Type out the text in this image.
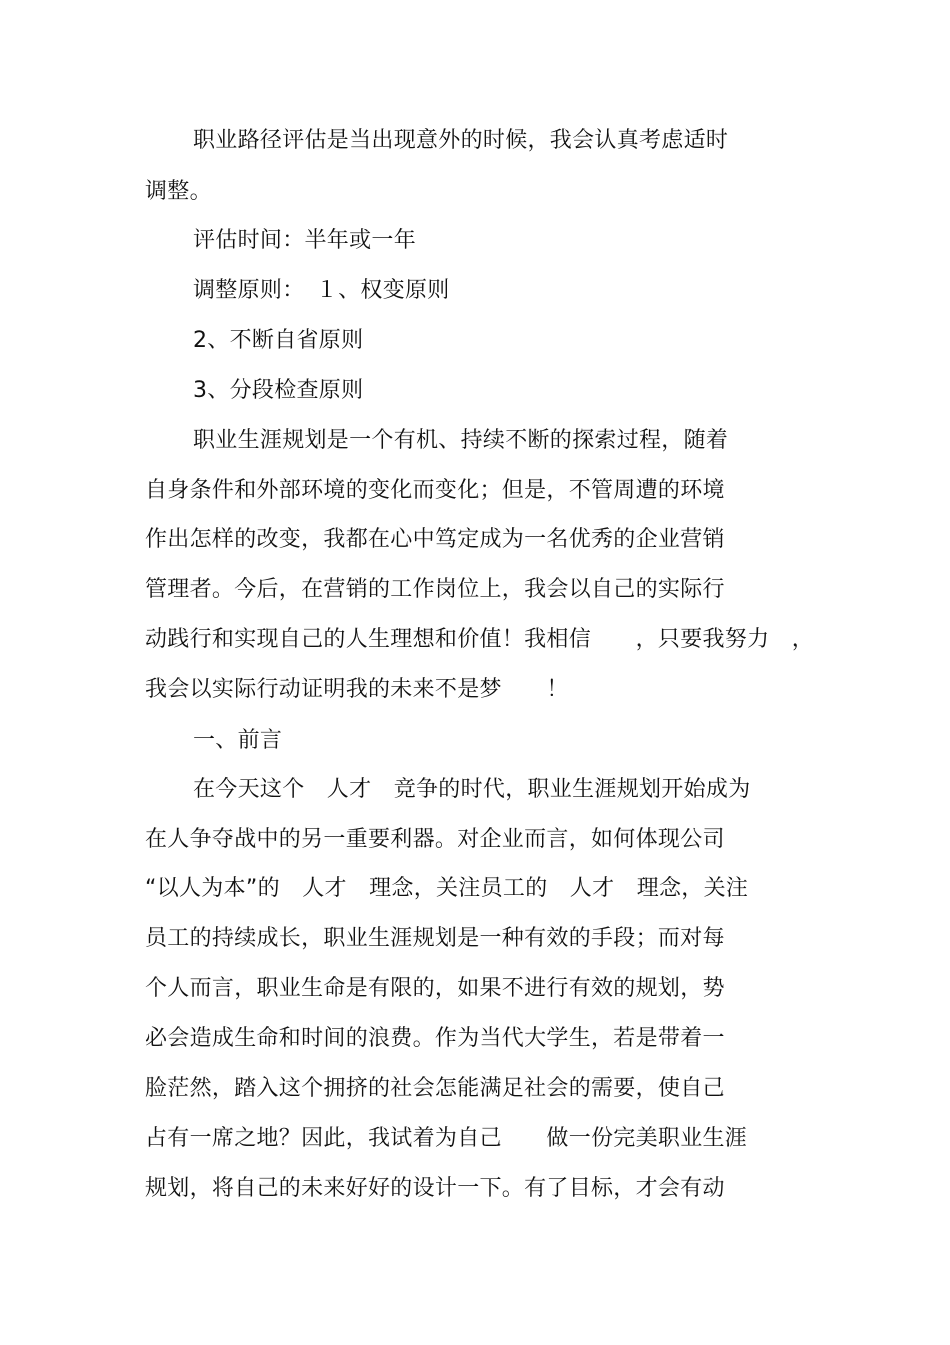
职业路径评估是当出现意外的时候，我会认真考虑适时
调整。
评估时间：半年或一年
调整原则：　１、权变原则
2、不断自省原则
3、分段检查原则
职业生涯规划是一个有机、持续不断的探索过程，随着
自身条件和外部环境的变化而变化；但是，不管周遭的环境
作出怎样的改变，我都在心中笃定成为一名优秀的企业营销
管理者。今后，在营销的工作岗位上，我会以自己的实际行
动践行和实现自己的人生理想和价值！我相信　　，只要我努力　，
我会以实际行动证明我的未来不是梦　　！
一、前言
在今天这个　人才　竞争的时代，职业生涯规划开始成为
在人争夺战中的另一重要利器。对企业而言，如何体现公司
“以人为本”的　人才　理念，关注员工的　人才　理念，关注
员工的持续成长，职业生涯规划是一种有效的手段；而对每
个人而言，职业生命是有限的，如果不进行有效的规划，势
必会造成生命和时间的浪费。作为当代大学生，若是带着一
脸茫然，踏入这个拥挤的社会怎能满足社会的需要，使自己
占有一席之地？因此，我试着为自己　　做一份完美职业生涯
规划，将自己的未来好好的设计一下。有了目标，才会有动
